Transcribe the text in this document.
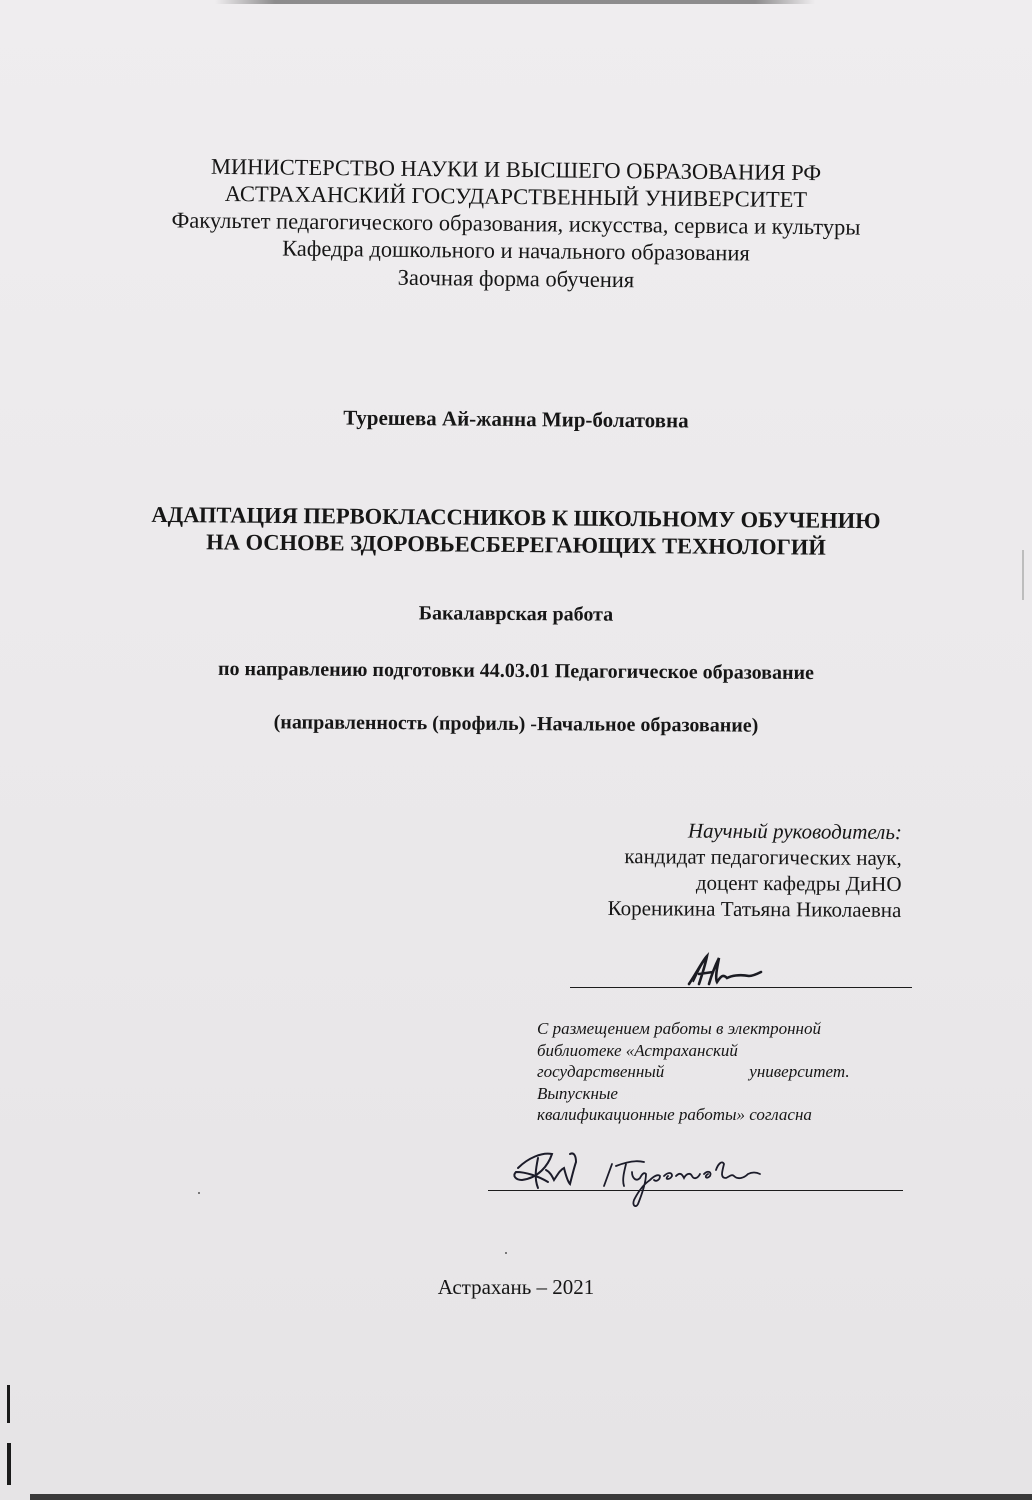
МИНИСТЕРСТВО НАУКИ И ВЫСШЕГО ОБРАЗОВАНИЯ РФ
АСТРАХАНСКИЙ ГОСУДАРСТВЕННЫЙ УНИВЕРСИТЕТ
Факультет педагогического образования, искусства, сервиса и культуры
Кафедра дошкольного и начального образования
Заочная форма обучения
Турешева Ай-жанна Мир-болатовна
АДАПТАЦИЯ ПЕРВОКЛАССНИКОВ К ШКОЛЬНОМУ ОБУЧЕНИЮ
НА ОСНОВЕ ЗДОРОВЬЕСБЕРЕГАЮЩИХ ТЕХНОЛОГИЙ
Бакалаврская работа
по направлению подготовки 44.03.01 Педагогическое образование
(направленность (профиль) -Начальное образование)
Научный руководитель:
кандидат педагогических наук,
доцент кафедры ДиНО
Кореникина Татьяна Николаевна
С размещением работы в электронной
библиотеке «Астраханский
государственный	университет.
Выпускные
квалификационные работы» согласна
Астрахань – 2021
